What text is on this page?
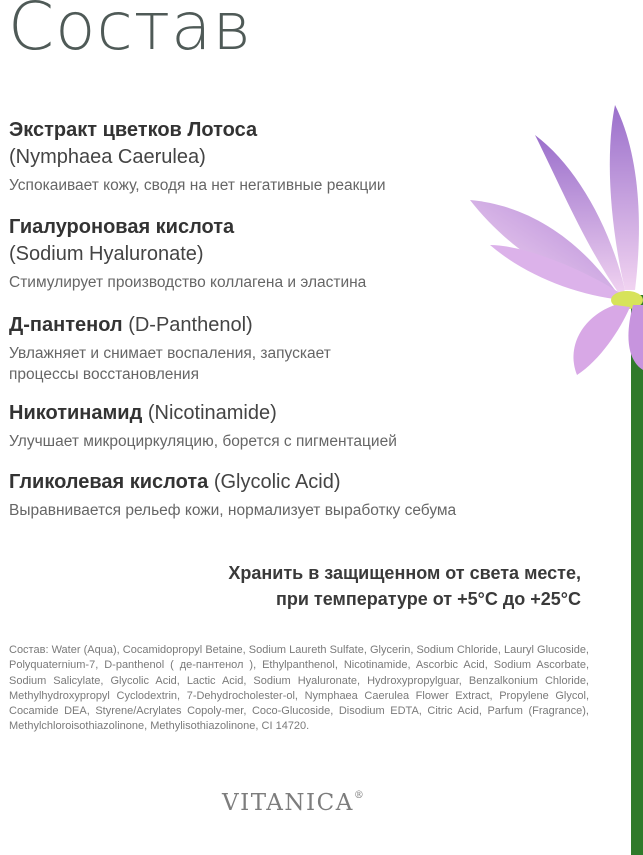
Состав
Экстракт цветков Лотоса
(Nymphaea Caerulea)
Успокаивает кожу, сводя на нет негативные реакции
Гиалуроновая кислота
(Sodium Hyaluronate)
Стимулирует производство коллагена и эластина
Д-пантенол (D-Panthenol)
Увлажняет и снимает воспаления, запускает
процессы восстановления
Никотинамид (Nicotinamide)
Улучшает микроциркуляцию, борется с пигментацией
Гликолевая кислота (Glycolic Acid)
Выравнивается рельеф кожи, нормализует выработку себума
Хранить в защищенном от света месте,
при температуре от +5°С до +25°С
Состав: Water (Aqua), Cocamidopropyl Betaine, Sodium Laureth Sulfate, Glycerin, Sodium Chloride, Lauryl Glucoside, Polyquaternium-7, D-panthenol ( де-пантенол ), Ethylpanthenol, Nicotinamide, Ascorbic Acid, Sodium Ascorbate, Sodium Salicylate, Glycolic Acid, Lactic Acid, Sodium Hyaluronate, Hydroxypropylguar, Benzalkonium Chloride, Methylhydroxypropyl Cyclodextrin, 7-Dehydrocholester-ol, Nymphaea Caerulea Flower Extract, Propylene Glycol, Cocamide DEA, Styrene/Acrylates Copoly-mer, Coco-Glucoside, Disodium EDTA, Citric Acid, Parfum (Fragrance), Methylchloroisothiazolinone, Methylisothiazolinone, CI 14720.
VITANICA®
